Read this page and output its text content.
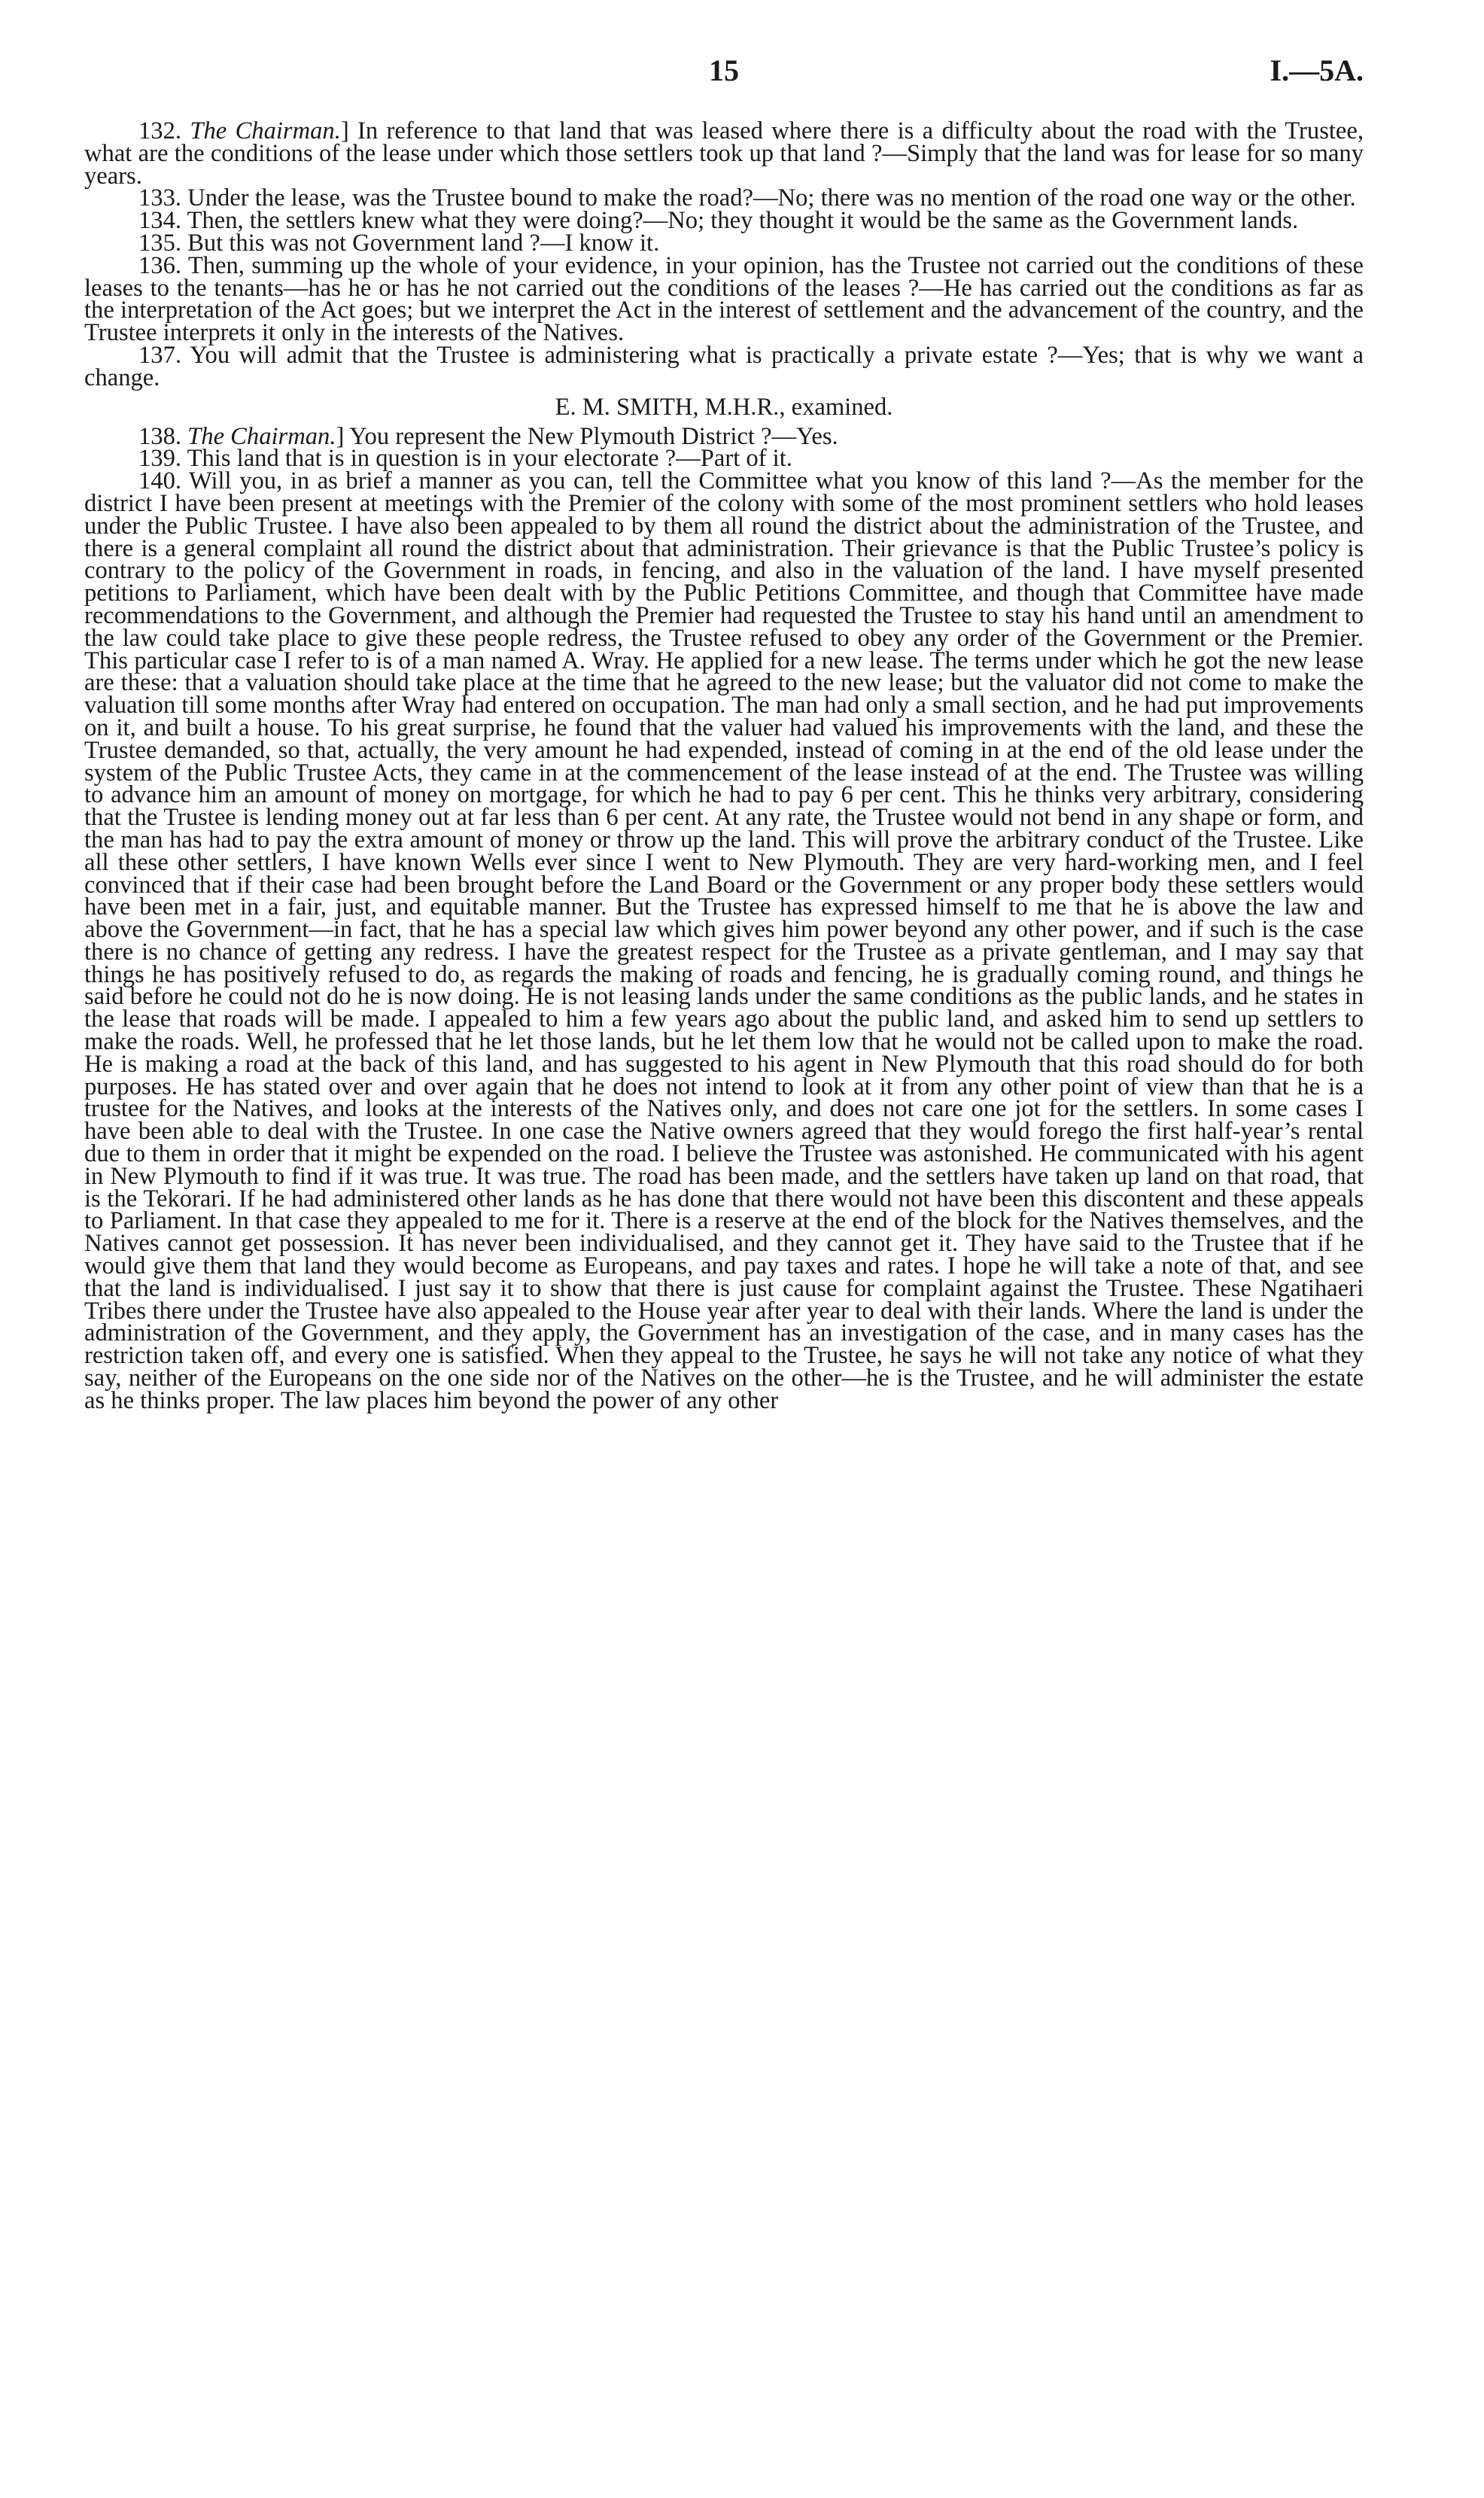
15	I.—5A.

132. The Chairman.] In reference to that land that was leased where there is a difficulty about the road with the Trustee, what are the conditions of the lease under which those settlers took up that land ?—Simply that the land was for lease for so many years.

133. Under the lease, was the Trustee bound to make the road?—No; there was no mention of the road one way or the other.

134. Then, the settlers knew what they were doing?—No; they thought it would be the same as the Government lands.

135. But this was not Government land ?—I know it.

136. Then, summing up the whole of your evidence, in your opinion, has the Trustee not carried out the conditions of these leases to the tenants—has he or has he not carried out the conditions of the leases ?—He has carried out the conditions as far as the interpretation of the Act goes; but we interpret the Act in the interest of settlement and the advancement of the country, and the Trustee interprets it only in the interests of the Natives.

137. You will admit that the Trustee is administering what is practically a private estate ?—Yes; that is why we want a change.

E. M. SMITH, M.H.R., examined.

138. The Chairman.] You represent the New Plymouth District ?—Yes.

139. This land that is in question is in your electorate ?—Part of it.

140. Will you, in as brief a manner as you can, tell the Committee what you know of this land ?—As the member for the district I have been present at meetings with the Premier of the colony with some of the most prominent settlers who hold leases under the Public Trustee. I have also been appealed to by them all round the district about the administration of the Trustee, and there is a general complaint all round the district about that administration. Their grievance is that the Public Trustee’s policy is contrary to the policy of the Government in roads, in fencing, and also in the valuation of the land. I have myself presented petitions to Parliament, which have been dealt with by the Public Petitions Committee, and though that Committee have made recommendations to the Government, and although the Premier had requested the Trustee to stay his hand until an amendment to the law could take place to give these people redress, the Trustee refused to obey any order of the Government or the Premier. This particular case I refer to is of a man named A. Wray. He applied for a new lease. The terms under which he got the new lease are these: that a valuation should take place at the time that he agreed to the new lease; but the valuator did not come to make the valuation till some months after Wray had entered on occupation. The man had only a small section, and he had put improvements on it, and built a house. To his great surprise, he found that the valuer had valued his improvements with the land, and these the Trustee demanded, so that, actually, the very amount he had expended, instead of coming in at the end of the old lease under the system of the Public Trustee Acts, they came in at the commencement of the lease instead of at the end. The Trustee was willing to advance him an amount of money on mortgage, for which he had to pay 6 per cent. This he thinks very arbitrary, considering that the Trustee is lending money out at far less than 6 per cent. At any rate, the Trustee would not bend in any shape or form, and the man has had to pay the extra amount of money or throw up the land. This will prove the arbitrary conduct of the Trustee. Like all these other settlers, I have known Wells ever since I went to New Plymouth. They are very hard-working men, and I feel convinced that if their case had been brought before the Land Board or the Government or any proper body these settlers would have been met in a fair, just, and equitable manner. But the Trustee has expressed himself to me that he is above the law and above the Government—in fact, that he has a special law which gives him power beyond any other power, and if such is the case there is no chance of getting any redress. I have the greatest respect for the Trustee as a private gentleman, and I may say that things he has positively refused to do, as regards the making of roads and fencing, he is gradually coming round, and things he said before he could not do he is now doing. He is not leasing lands under the same conditions as the public lands, and he states in the lease that roads will be made. I appealed to him a few years ago about the public land, and asked him to send up settlers to make the roads. Well, he professed that he let those lands, but he let them low that he would not be called upon to make the road. He is making a road at the back of this land, and has suggested to his agent in New Plymouth that this road should do for both purposes. He has stated over and over again that he does not intend to look at it from any other point of view than that he is a trustee for the Natives, and looks at the interests of the Natives only, and does not care one jot for the settlers. In some cases I have been able to deal with the Trustee. In one case the Native owners agreed that they would forego the first half-year’s rental due to them in order that it might be expended on the road. I believe the Trustee was astonished. He communicated with his agent in New Plymouth to find if it was true. It was true. The road has been made, and the settlers have taken up land on that road, that is the Tekorari. If he had administered other lands as he has done that there would not have been this discontent and these appeals to Parliament. In that case they appealed to me for it. There is a reserve at the end of the block for the Natives themselves, and the Natives cannot get possession. It has never been individualised, and they cannot get it. They have said to the Trustee that if he would give them that land they would become as Europeans, and pay taxes and rates. I hope he will take a note of that, and see that the land is individualised. I just say it to show that there is just cause for complaint against the Trustee. These Ngatihaeri Tribes there under the Trustee have also appealed to the House year after year to deal with their lands. Where the land is under the administration of the Government, and they apply, the Government has an investigation of the case, and in many cases has the restriction taken off, and every one is satisfied. When they appeal to the Trustee, he says he will not take any notice of what they say, neither of the Europeans on the one side nor of the Natives on the other—he is the Trustee, and he will administer the estate as he thinks proper. The law places him beyond the power of any other
